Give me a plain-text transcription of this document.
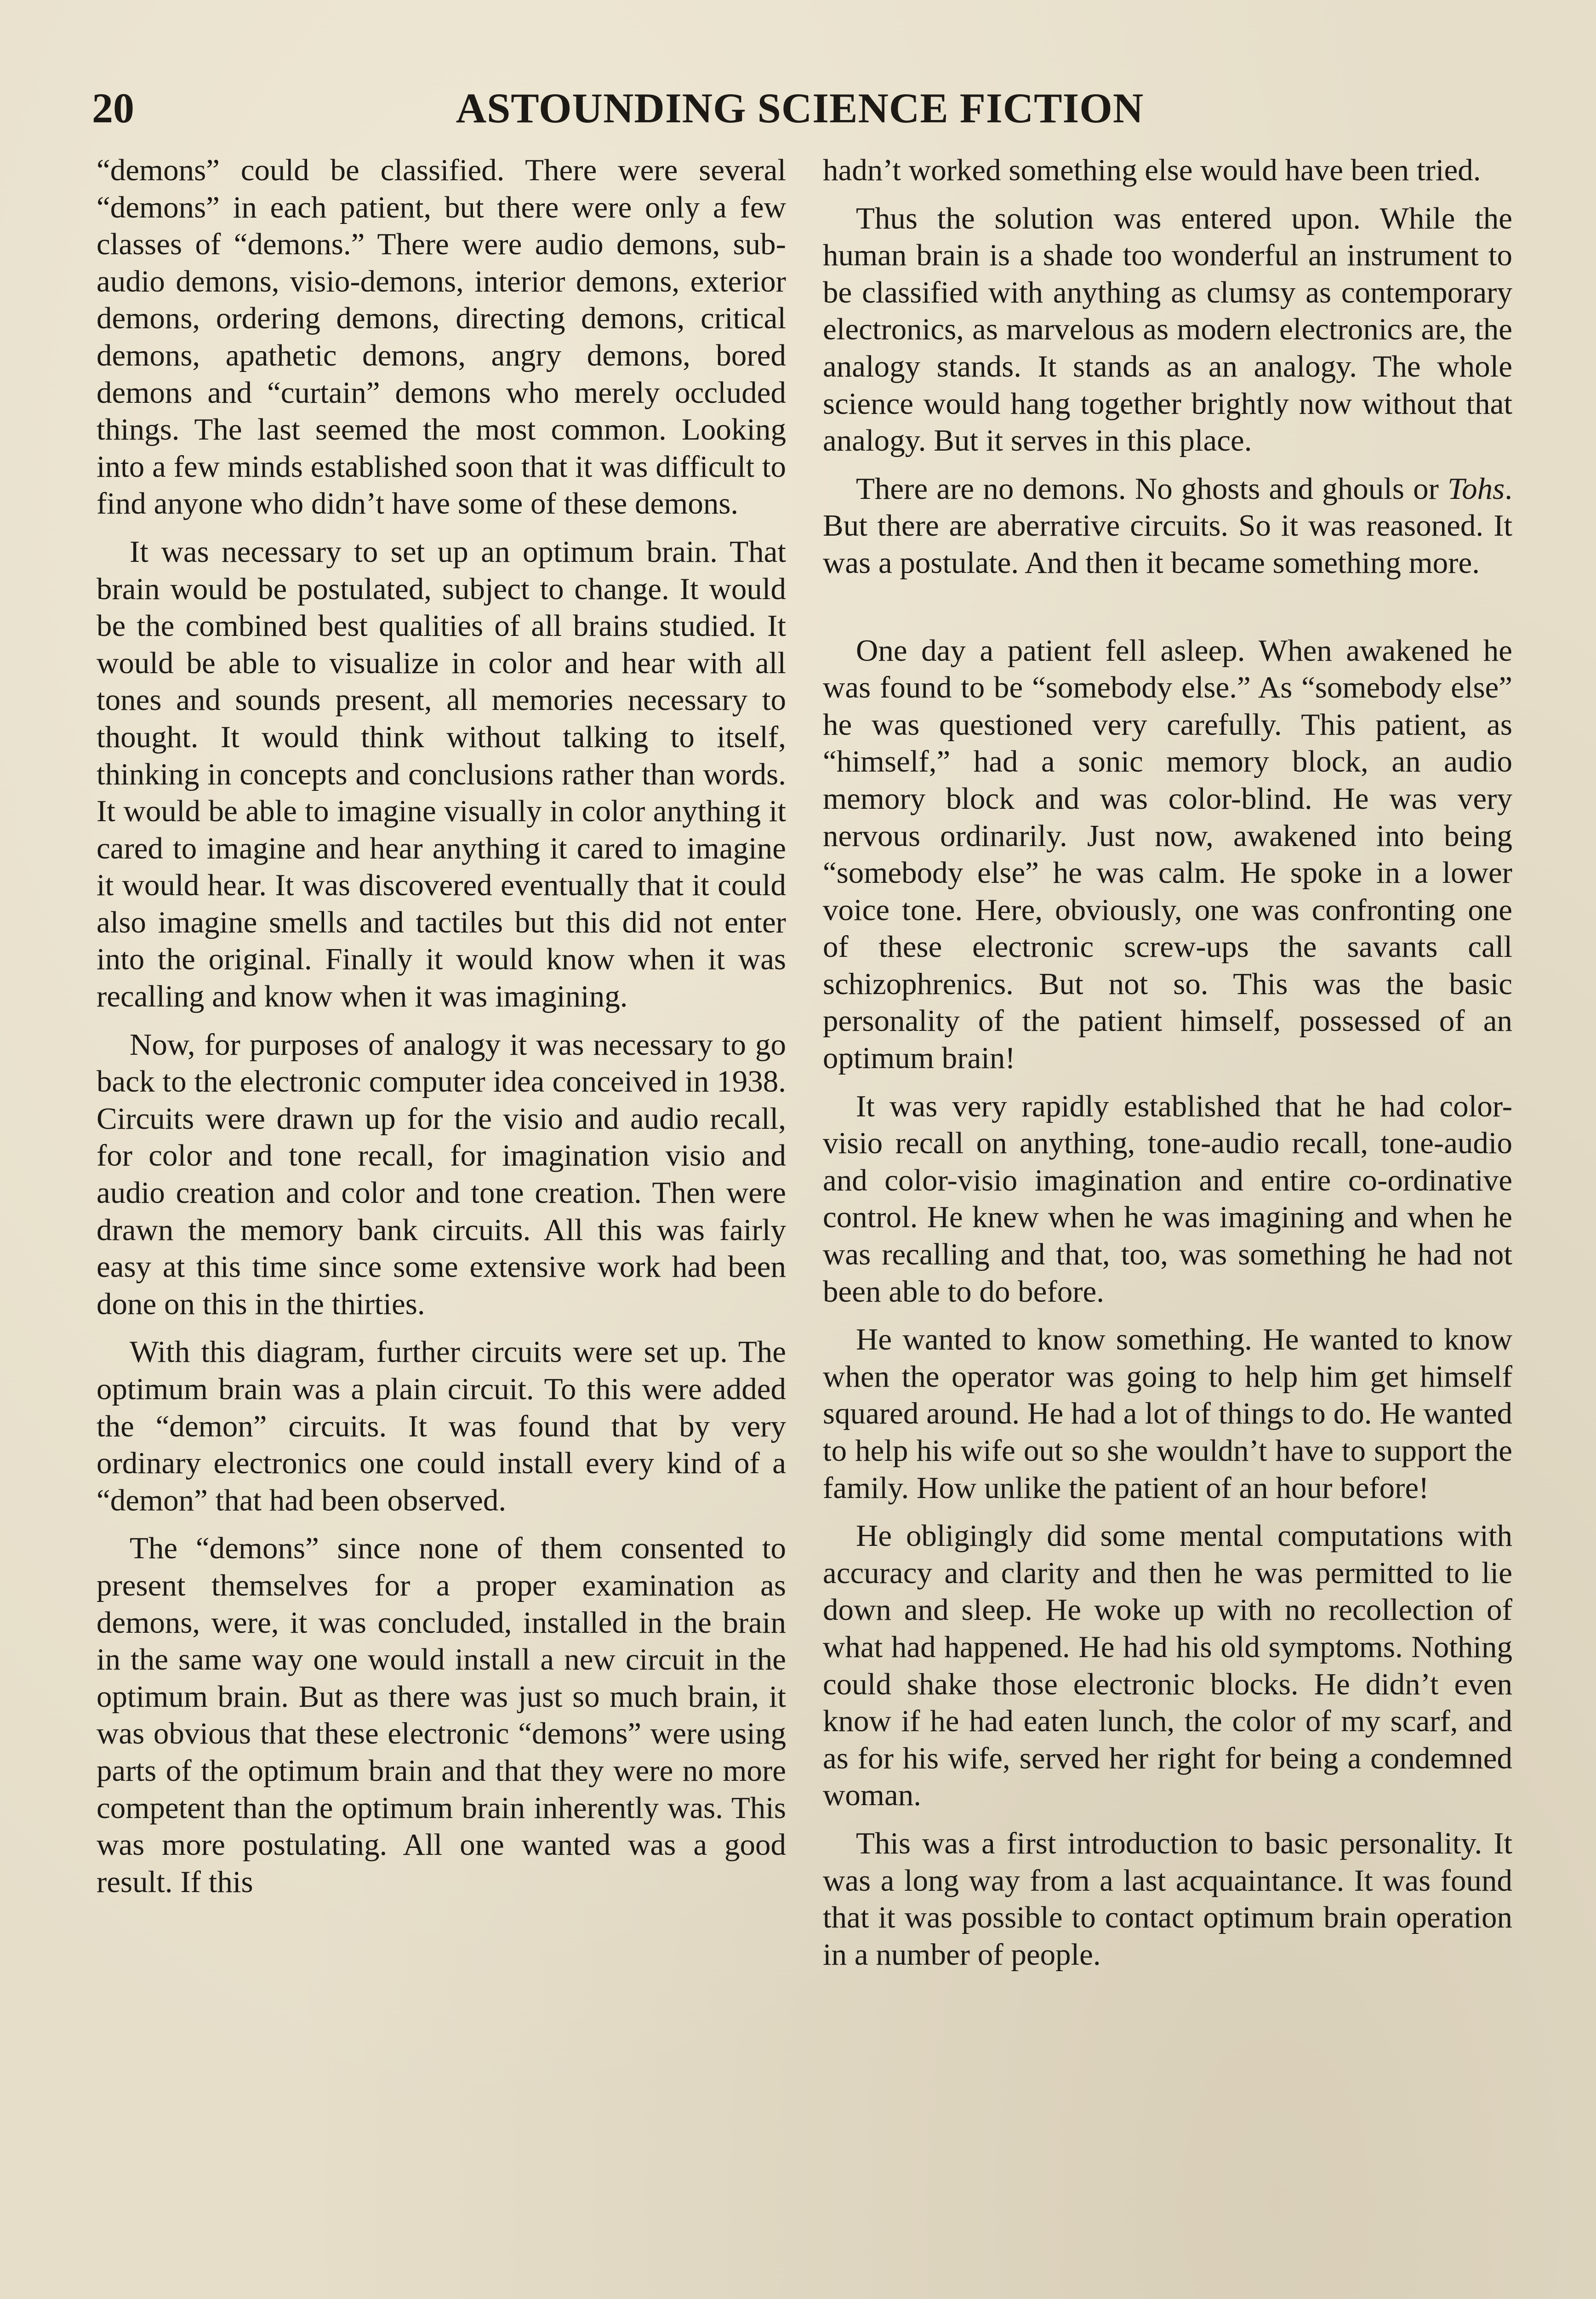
20	ASTOUNDING SCIENCE FICTION

“demons” could be classified. There were several “demons” in each patient, but there were only a few classes of “demons.” There were audio demons, sub-audio demons, visio-demons, interior demons, exterior demons, ordering demons, directing demons, critical demons, apathetic demons, angry demons, bored demons and “curtain” demons who merely occluded things. The last seemed the most common. Looking into a few minds established soon that it was difficult to find anyone who didn’t have some of these demons.

It was necessary to set up an optimum brain. That brain would be postulated, subject to change. It would be the combined best qualities of all brains studied. It would be able to visualize in color and hear with all tones and sounds present, all memories necessary to thought. It would think without talking to itself, thinking in concepts and conclusions rather than words. It would be able to imagine visually in color anything it cared to imagine and hear anything it cared to imagine it would hear. It was discovered eventually that it could also imagine smells and tactiles but this did not enter into the original. Finally it would know when it was recalling and know when it was imagining.

Now, for purposes of analogy it was necessary to go back to the electronic computer idea conceived in 1938. Circuits were drawn up for the visio and audio recall, for color and tone recall, for imagination visio and audio creation and color and tone creation. Then were drawn the memory bank circuits. All this was fairly easy at this time since some extensive work had been done on this in the thirties.

With this diagram, further circuits were set up. The optimum brain was a plain circuit. To this were added the “demon” circuits. It was found that by very ordinary electronics one could install every kind of a “demon” that had been observed.

The “demons” since none of them consented to present themselves for a proper examination as demons, were, it was concluded, installed in the brain in the same way one would install a new circuit in the optimum brain. But as there was just so much brain, it was obvious that these electronic “demons” were using parts of the optimum brain and that they were no more competent than the optimum brain inherently was. This was more postulating. All one wanted was a good result. If this

hadn’t worked something else would have been tried.

Thus the solution was entered upon. While the human brain is a shade too wonderful an instrument to be classified with anything as clumsy as contemporary electronics, as marvelous as modern electronics are, the analogy stands. It stands as an analogy. The whole science would hang together brightly now without that analogy. But it serves in this place.

There are no demons. No ghosts and ghouls or Tohs. But there are aberrative circuits. So it was reasoned. It was a postulate. And then it became something more.

One day a patient fell asleep. When awakened he was found to be “somebody else.” As “somebody else” he was questioned very carefully. This patient, as “himself,” had a sonic memory block, an audio memory block and was color-blind. He was very nervous ordinarily. Just now, awakened into being “somebody else” he was calm. He spoke in a lower voice tone. Here, obviously, one was confronting one of these electronic screw-ups the savants call schizophrenics. But not so. This was the basic personality of the patient himself, possessed of an optimum brain!

It was very rapidly established that he had color-visio recall on anything, tone-audio recall, tone-audio and color-visio imagination and entire co-ordinative control. He knew when he was imagining and when he was recalling and that, too, was something he had not been able to do before.

He wanted to know something. He wanted to know when the operator was going to help him get himself squared around. He had a lot of things to do. He wanted to help his wife out so she wouldn’t have to support the family. How unlike the patient of an hour before!

He obligingly did some mental computations with accuracy and clarity and then he was permitted to lie down and sleep. He woke up with no recollection of what had happened. He had his old symptoms. Nothing could shake those electronic blocks. He didn’t even know if he had eaten lunch, the color of my scarf, and as for his wife, served her right for being a condemned woman.

This was a first introduction to basic personality. It was a long way from a last acquaintance. It was found that it was possible to contact optimum brain operation in a number of people.
